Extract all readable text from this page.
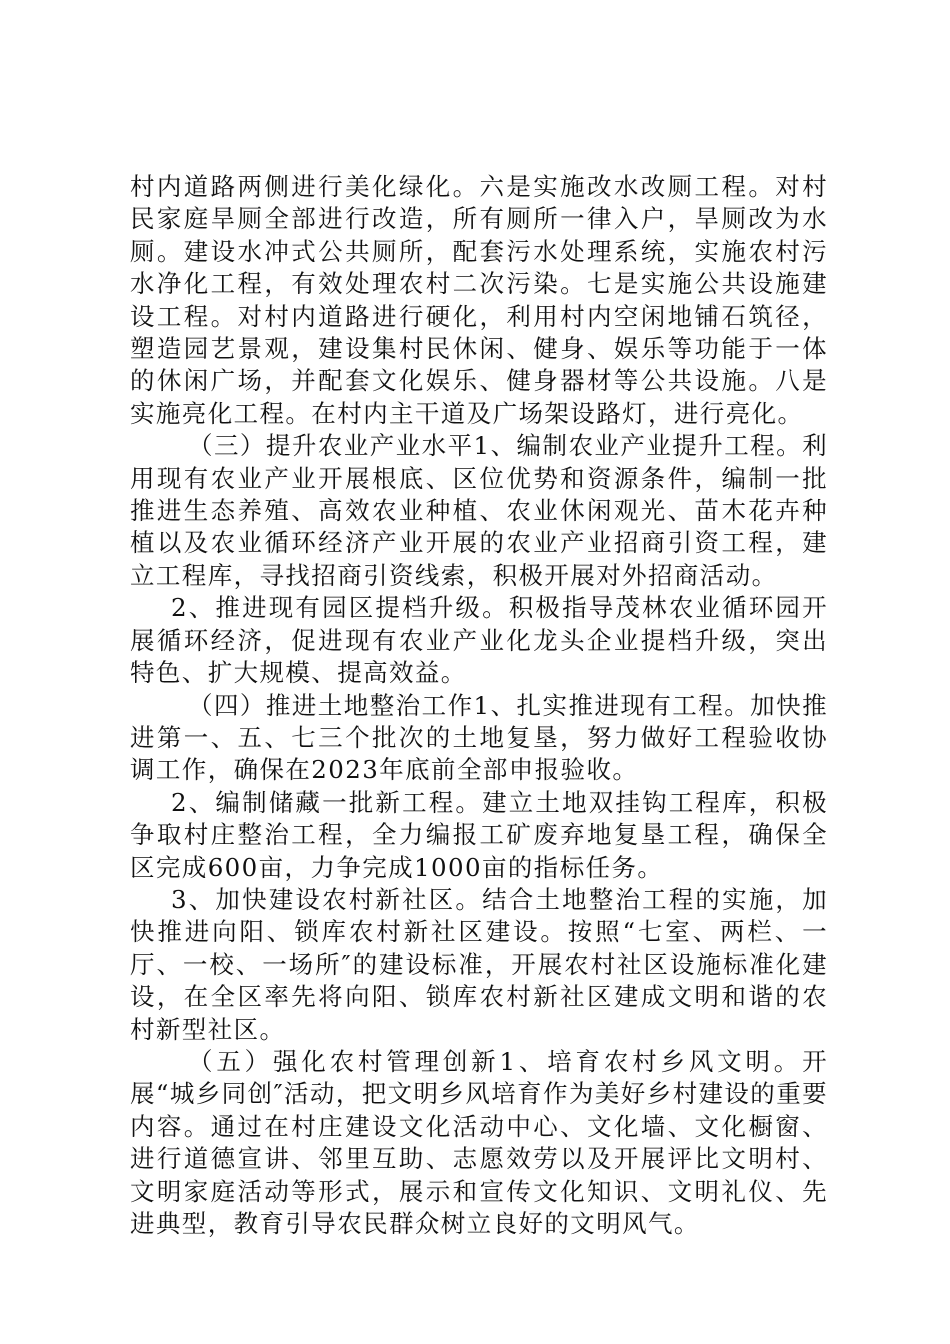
村内道路两侧进行美化绿化。六是实施改水改厕工程。对村民家庭旱厕全部进行改造，所有厕所一律入户，旱厕改为水厕。建设水冲式公共厕所，配套污水处理系统，实施农村污水净化工程，有效处理农村二次污染。七是实施公共设施建设工程。对村内道路进行硬化，利用村内空闲地铺石筑径，塑造园艺景观，建设集村民休闲、健身、娱乐等功能于一体的休闲广场，并配套文化娱乐、健身器材等公共设施。八是实施亮化工程。在村内主干道及广场架设路灯，进行亮化。

（三）提升农业产业水平1、编制农业产业提升工程。利用现有农业产业开展根底、区位优势和资源条件，编制一批推进生态养殖、高效农业种植、农业休闲观光、苗木花卉种植以及农业循环经济产业开展的农业产业招商引资工程，建立工程库，寻找招商引资线索，积极开展对外招商活动。

2、推进现有园区提档升级。积极指导茂林农业循环园开展循环经济，促进现有农业产业化龙头企业提档升级，突出特色、扩大规模、提高效益。

（四）推进土地整治工作1、扎实推进现有工程。加快推进第一、五、七三个批次的土地复垦，努力做好工程验收协调工作，确保在2023年底前全部申报验收。

2、编制储藏一批新工程。建立土地双挂钩工程库，积极争取村庄整治工程，全力编报工矿废弃地复垦工程，确保全区完成600亩，力争完成1000亩的指标任务。

3、加快建设农村新社区。结合土地整治工程的实施，加快推进向阳、锁库农村新社区建设。按照“七室、两栏、一厅、一校、一场所″的建设标准，开展农村社区设施标准化建设，在全区率先将向阳、锁库农村新社区建成文明和谐的农村新型社区。

（五）强化农村管理创新1、培育农村乡风文明。开展“城乡同创″活动，把文明乡风培育作为美好乡村建设的重要内容。通过在村庄建设文化活动中心、文化墙、文化橱窗、进行道德宣讲、邻里互助、志愿效劳以及开展评比文明村、文明家庭活动等形式，展示和宣传文化知识、文明礼仪、先进典型，教育引导农民群众树立良好的文明风气。
